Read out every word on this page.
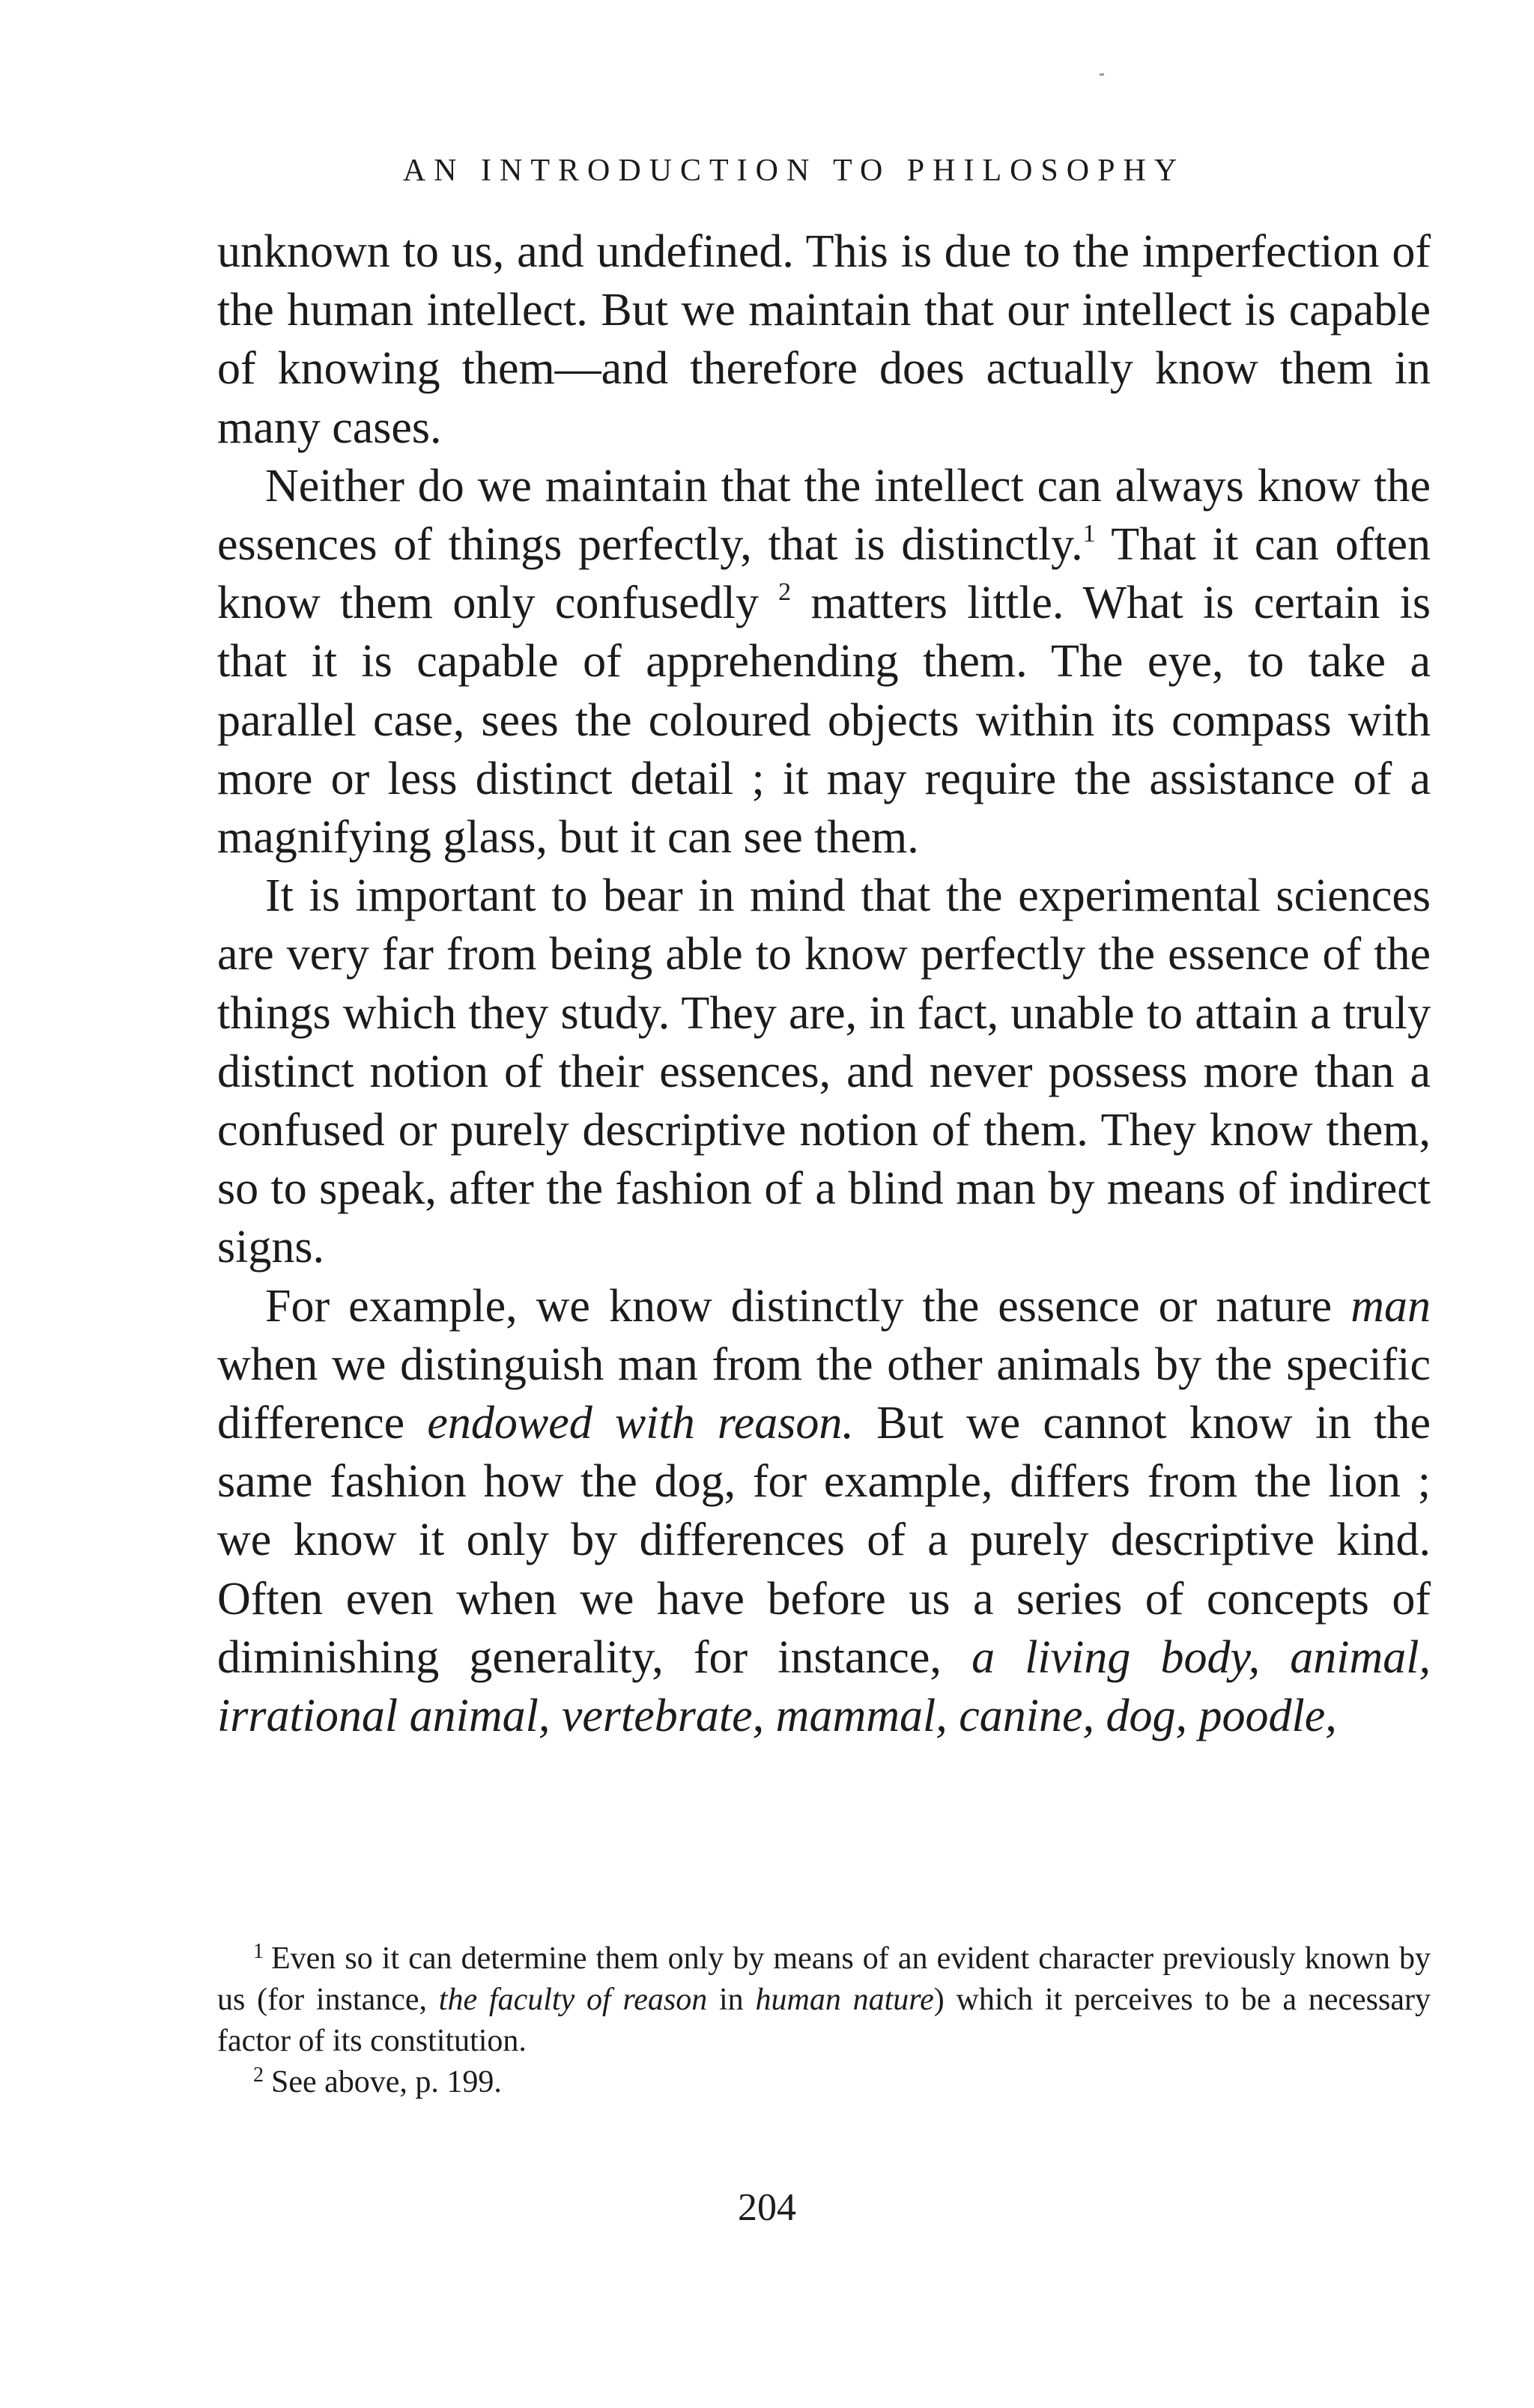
AN INTRODUCTION TO PHILOSOPHY

unknown to us, and undefined. This is due to the imperfection of the human intellect. But we maintain that our intellect is capable of knowing them—and therefore does actually know them in many cases.

Neither do we maintain that the intellect can always know the essences of things perfectly, that is distinctly.$^1$ That it can often know them only confusedly $^2$ matters little. What is certain is that it is capable of apprehending them. The eye, to take a parallel case, sees the coloured objects within its compass with more or less distinct detail ; it may require the assistance of a magnifying glass, but it can see them.

It is important to bear in mind that the experimental sciences are very far from being able to know perfectly the essence of the things which they study. They are, in fact, unable to attain a truly distinct notion of their essences, and never possess more than a confused or purely descriptive notion of them. They know them, so to speak, after the fashion of a blind man by means of indirect signs.

For example, we know distinctly the essence or nature man when we distinguish man from the other animals by the specific difference endowed with reason. But we cannot know in the same fashion how the dog, for example, differs from the lion ; we know it only by differences of a purely descriptive kind. Often even when we have before us a series of concepts of diminishing generality, for instance, a living body, animal, irrational animal, vertebrate, mammal, canine, dog, poodle,

$^1$ Even so it can determine them only by means of an evident character previously known by us (for instance, the faculty of reason in human nature) which it perceives to be a necessary factor of its constitution.

$^2$ See above, p. 199.

204
